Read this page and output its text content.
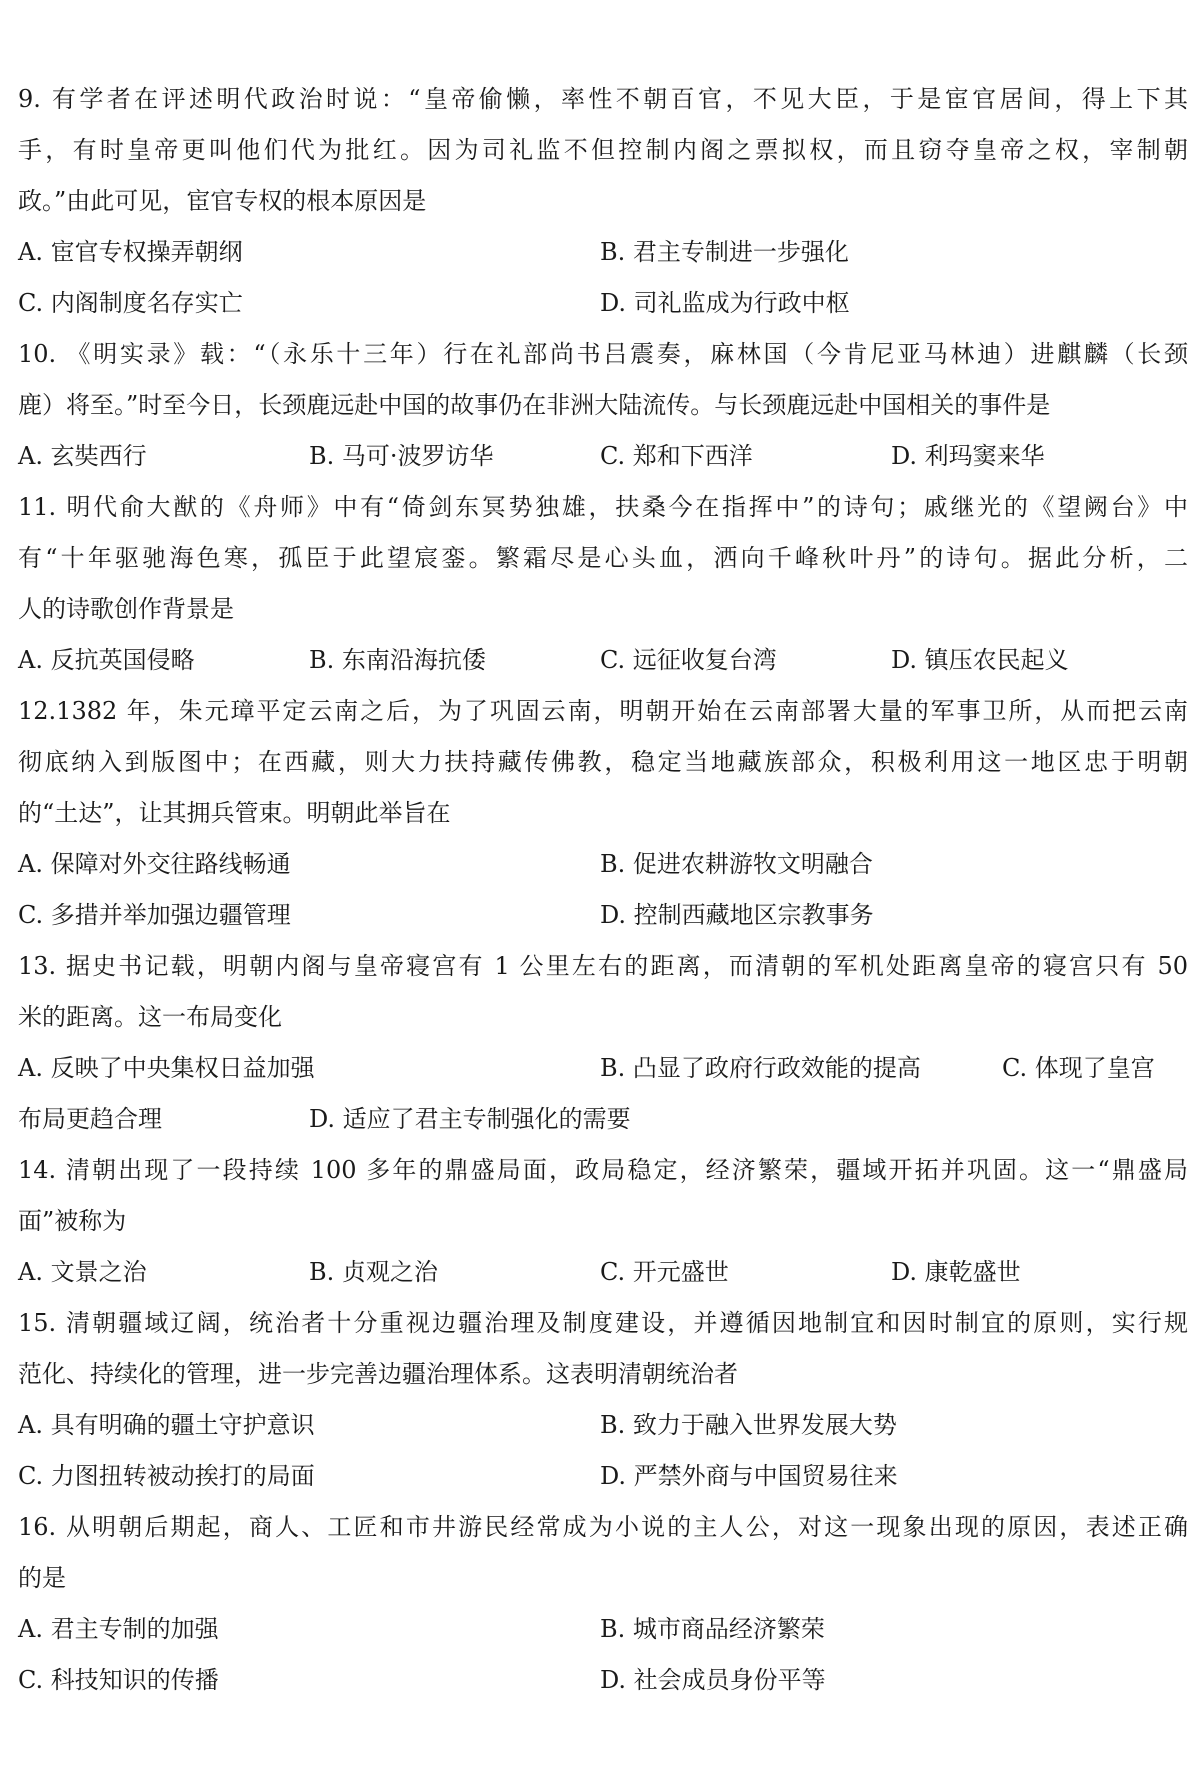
9. 有学者在评述明代政治时说：“皇帝偷懒，率性不朝百官，不见大臣，于是宦官居间，得上下其
手，有时皇帝更叫他们代为批红。因为司礼监不但控制内阁之票拟权，而且窃夺皇帝之权，宰制朝
政。”由此可见，宦官专权的根本原因是
A. 宦官专权操弄朝纲	B. 君主专制进一步强化
C. 内阁制度名存实亡	D. 司礼监成为行政中枢
10. 《明实录》载：“（永乐十三年）行在礼部尚书吕震奏，麻林国（今肯尼亚马林迪）进麒麟（长颈
鹿）将至。”时至今日，长颈鹿远赴中国的故事仍在非洲大陆流传。与长颈鹿远赴中国相关的事件是
A. 玄奘西行	B. 马可·波罗访华	C. 郑和下西洋	D. 利玛窦来华
11. 明代俞大猷的《舟师》中有“倚剑东冥势独雄，扶桑今在指挥中”的诗句；戚继光的《望阙台》中
有“十年驱驰海色寒，孤臣于此望宸銮。繁霜尽是心头血，洒向千峰秋叶丹”的诗句。据此分析，二
人的诗歌创作背景是
A. 反抗英国侵略	B. 东南沿海抗倭	C. 远征收复台湾	D. 镇压农民起义
12.1382 年，朱元璋平定云南之后，为了巩固云南，明朝开始在云南部署大量的军事卫所，从而把云南
彻底纳入到版图中；在西藏，则大力扶持藏传佛教，稳定当地藏族部众，积极利用这一地区忠于明朝
的“土达”，让其拥兵管束。明朝此举旨在
A. 保障对外交往路线畅通	B. 促进农耕游牧文明融合
C. 多措并举加强边疆管理	D. 控制西藏地区宗教事务
13. 据史书记载，明朝内阁与皇帝寝宫有 1 公里左右的距离，而清朝的军机处距离皇帝的寝宫只有 50
米的距离。这一布局变化
A. 反映了中央集权日益加强	B. 凸显了政府行政效能的提高	C. 体现了皇宫
布局更趋合理	D. 适应了君主专制强化的需要
14. 清朝出现了一段持续 100 多年的鼎盛局面，政局稳定，经济繁荣，疆域开拓并巩固。这一“鼎盛局
面”被称为
A. 文景之治	B. 贞观之治	C. 开元盛世	D. 康乾盛世
15. 清朝疆域辽阔，统治者十分重视边疆治理及制度建设，并遵循因地制宜和因时制宜的原则，实行规
范化、持续化的管理，进一步完善边疆治理体系。这表明清朝统治者
A. 具有明确的疆土守护意识	B. 致力于融入世界发展大势
C. 力图扭转被动挨打的局面	D. 严禁外商与中国贸易往来
16. 从明朝后期起，商人、工匠和市井游民经常成为小说的主人公，对这一现象出现的原因，表述正确
的是
A. 君主专制的加强	B. 城市商品经济繁荣
C. 科技知识的传播	D. 社会成员身份平等
